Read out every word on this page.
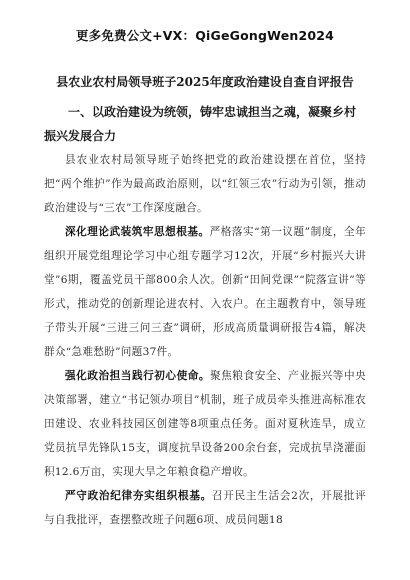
更多免费公文+VX：QiGeGongWen2024
县农业农村局领导班子2025年度政治建设自查自评报告

一、以政治建设为统领，铸牢忠诚担当之魂，凝聚乡村振兴发展合力

县农业农村局领导班子始终把党的政治建设摆在首位，坚持把“两个维护”作为最高政治原则，以“红领三农”行动为引领，推动政治建设与“三农”工作深度融合。

深化理论武装筑牢思想根基。严格落实“第一议题”制度，全年组织开展党组理论学习中心组专题学习12次，开展“乡村振兴大讲堂”6期，覆盖党员干部800余人次。创新“田间党课”“院落宣讲”等形式，推动党的创新理论进农村、入农户。在主题教育中，领导班子带头开展“三进三问三查”调研，形成高质量调研报告4篇，解决群众“急难愁盼”问题37件。

强化政治担当践行初心使命。聚焦粮食安全、产业振兴等中央决策部署，建立“书记领办项目”机制，班子成员牵头推进高标准农田建设、农业科技园区创建等8项重点任务。面对夏秋连旱，成立党员抗旱先锋队15支，调度抗旱设备200余台套，完成抗旱浇灌面积12.6万亩，实现大旱之年粮食稳产增收。

严守政治纪律夯实组织根基。召开民主生活会2次，开展批评与自我批评，查摆整改班子问题6项、成员问题18
